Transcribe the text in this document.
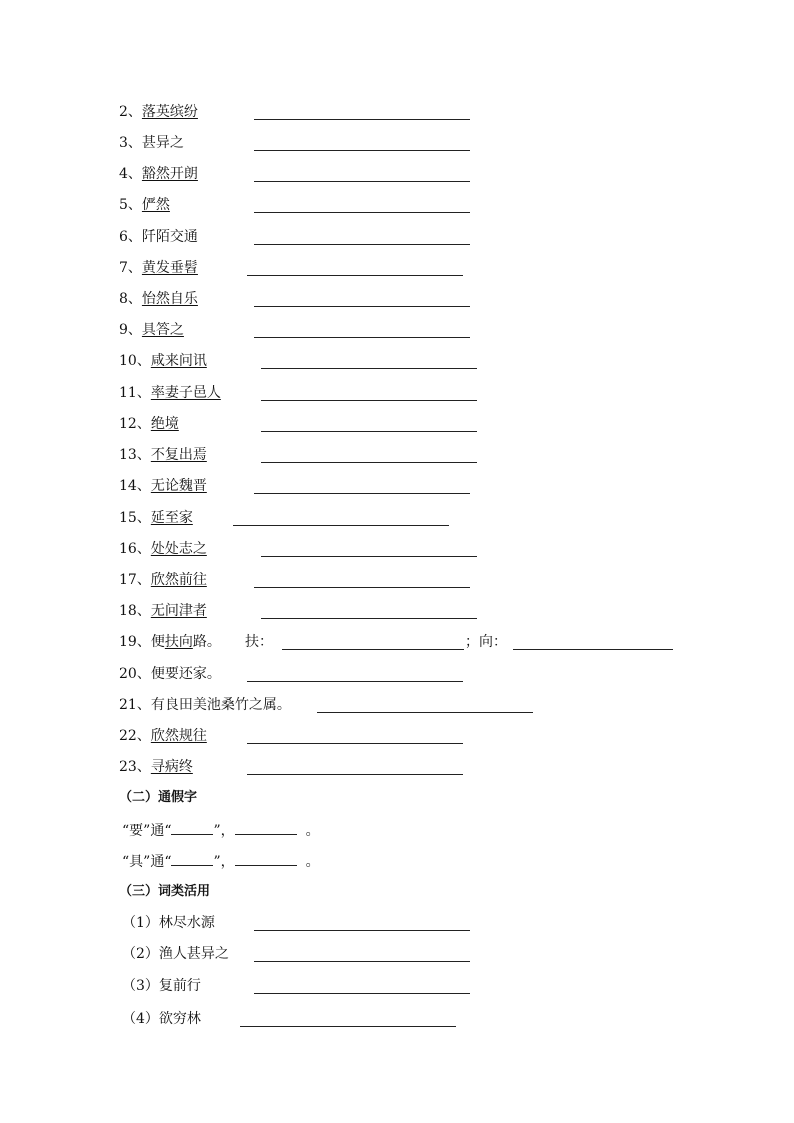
2、落英缤纷
3、甚异之
4、豁然开朗
5、俨然
6、阡陌交通
7、黄发垂髫
8、怡然自乐
9、具答之
10、咸来问讯
11、率妻子邑人
12、绝境
13、不复出焉
14、无论魏晋
15、延至家
16、处处志之
17、欣然前往
18、无问津者
19、便扶向路。 扶：	；向：
20、便要还家。
21、有良田美池桑竹之属。
22、欣然规往
23、寻病终
（二）通假字
“要”通“	”，	。
“具”通“	”，	。
（三）词类活用
（1）林尽水源
（2）渔人甚异之
（3）复前行
（4）欲穷林
